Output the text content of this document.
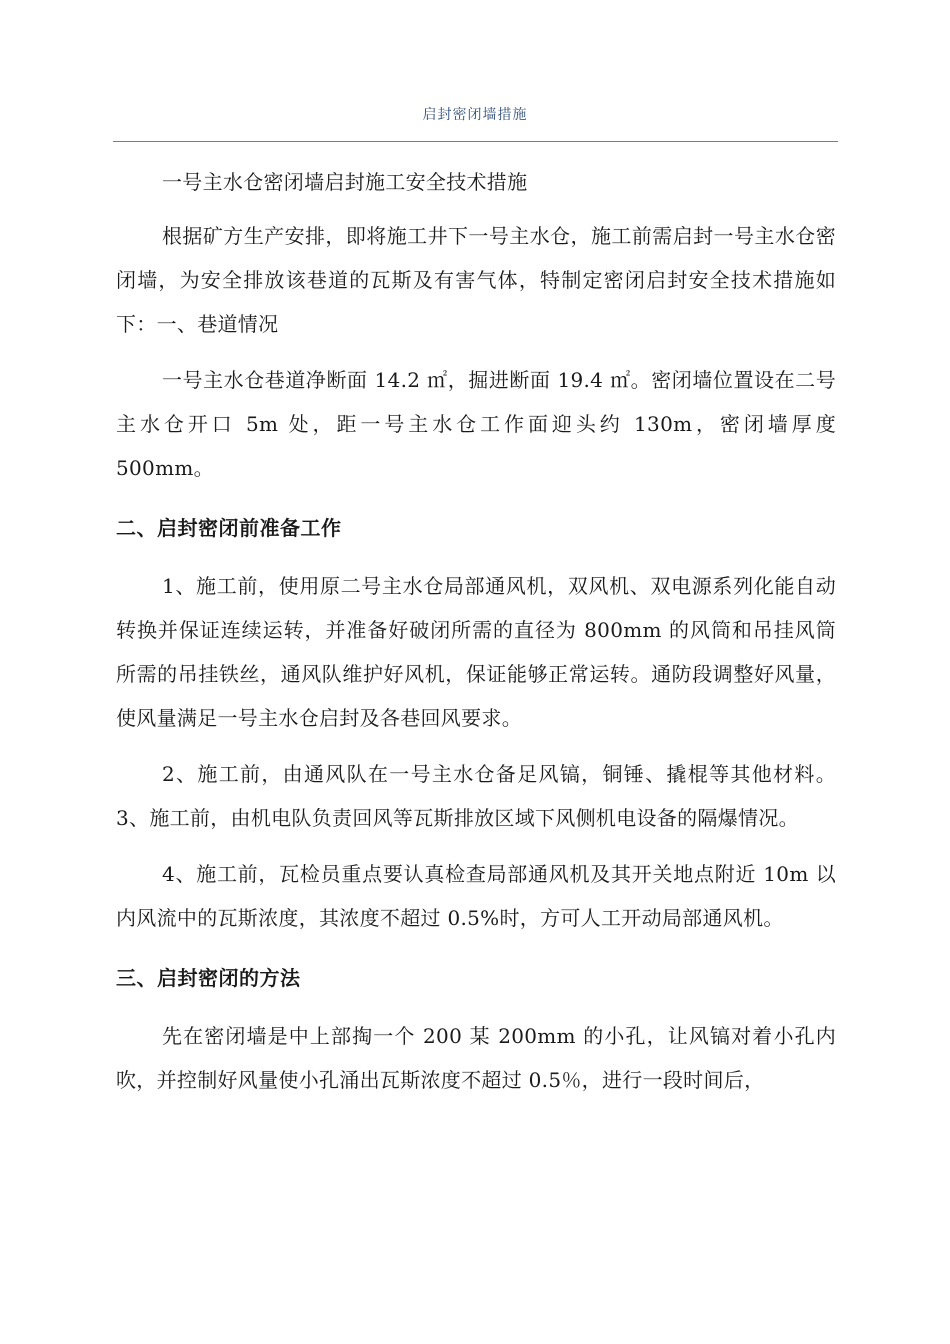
启封密闭墙措施

一号主水仓密闭墙启封施工安全技术措施

根据矿方生产安排，即将施工井下一号主水仓，施工前需启封一号主水仓密闭墙，为安全排放该巷道的瓦斯及有害气体，特制定密闭启封安全技术措施如下：一、巷道情况

一号主水仓巷道净断面 14.2 ㎡，掘进断面 19.4 ㎡。密闭墙位置设在二号主水仓开口 5m 处，距一号主水仓工作面迎头约 130m，密闭墙厚度 500mm。

二、启封密闭前准备工作

1、施工前，使用原二号主水仓局部通风机，双风机、双电源系列化能自动转换并保证连续运转，并准备好破闭所需的直径为 800mm 的风筒和吊挂风筒所需的吊挂铁丝，通风队维护好风机，保证能够正常运转。通防段调整好风量，使风量满足一号主水仓启封及各巷回风要求。

2、施工前，由通风队在一号主水仓备足风镐，铜锤、撬棍等其他材料。3、施工前，由机电队负责回风等瓦斯排放区域下风侧机电设备的隔爆情况。

4、施工前，瓦检员重点要认真检查局部通风机及其开关地点附近 10m 以内风流中的瓦斯浓度，其浓度不超过 0.5%时，方可人工开动局部通风机。

三、启封密闭的方法

先在密闭墙是中上部掏一个 200 某 200mm 的小孔，让风镐对着小孔内吹，并控制好风量使小孔涌出瓦斯浓度不超过 0.5％，进行一段时间后，
